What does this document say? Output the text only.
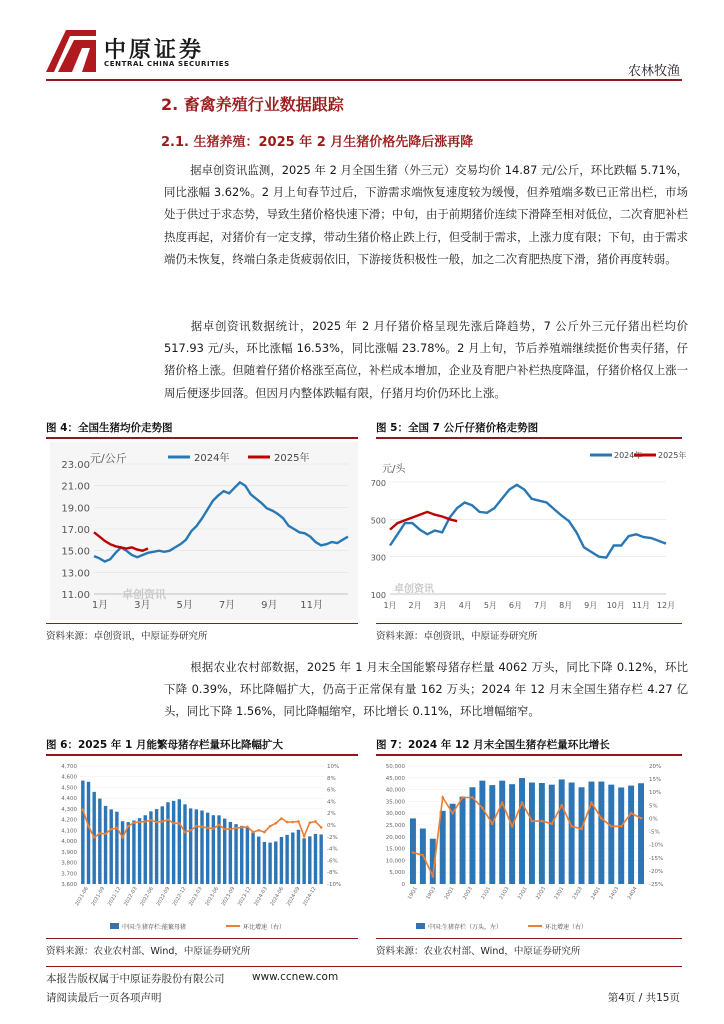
中原证券
CENTRAL CHINA SECURITIES	农林牧渔
2. 畜禽养殖行业数据跟踪
2.1. 生猪养殖：2025 年 2 月生猪价格先降后涨再降
据卓创资讯监测，2025 年 2 月全国生猪（外三元）交易均价 14.87 元/公斤，环比跌幅 5.71%，同比涨幅 3.62%。2 月上旬春节过后，下游需求端恢复速度较为缓慢，但养殖端多数已正常出栏，市场处于供过于求态势，导致生猪价格快速下滑；中旬，由于前期猪价连续下滑降至相对低位，二次育肥补栏热度再起，对猪价有一定支撑，带动生猪价格止跌上行，但受制于需求，上涨力度有限；下旬，由于需求端仍未恢复，终端白条走货疲弱依旧，下游接货积极性一般，加之二次育肥热度下滑，猪价再度转弱。
据卓创资讯数据统计，2025 年 2 月仔猪价格呈现先涨后降趋势，7 公斤外三元仔猪出栏均价 517.93 元/头，环比涨幅 16.53%，同比涨幅 23.78%。2 月上旬，节后养殖端继续挺价售卖仔猪，仔猪价格上涨。但随着仔猪价格涨至高位，补栏成本增加，企业及育肥户补栏热度降温，仔猪价格仅上涨一周后便逐步回落。但因月内整体跌幅有限，仔猪月均价仍环比上涨。
图 4：全国生猪均价走势图	图 5：全国 7 公斤仔猪价格走势图
元/公斤	2024年	2025年
23.00
21.00
19.00
17.00
15.00
13.00
11.00
1月	3月	5月	7月	9月 11月
卓创资讯
资料来源：卓创资讯，中原证券研究所
元/头
2024年 2025年
700
500
300
100
1月 2月 3月 4月 5月 6月 7月 8月 9月 10月 11月 12月
卓创资讯
资料来源：卓创资讯，中原证券研究所
根据农业农村部数据，2025 年 1 月末全国能繁母猪存栏量 4062 万头，同比下降 0.12%，环比下降 0.39%，环比降幅扩大，仍高于正常保有量 162 万头；2024 年 12 月末全国生猪存栏 4.27 亿头，同比下降 1.56%，同比降幅缩窄，环比增长 0.11%，环比增幅缩窄。
图 6：2025 年 1 月能繁母猪存栏量环比降幅扩大	图 7：2024 年 12 月末全国生猪存栏量环比增长
4,700
4,600
4,500
4,400
4,300
4,200
4,100
4,000
3,900
3,800
3,700
3,600
10%
8%
6%
4%
2%
0%
-2%
-4%
-6%
-8%
-10%
2021-06 2021-09 2021-12 2022-03 2022-06 2022-09 2022-12 2023-03 2023-06 2023-09 2023-12 2024-03 2024-06 2024-09 2024-12
中国:生猪存栏:能繁母猪	环比增速（右）
资料来源：农业农村部、Wind，中原证券研究所
50,000
45,000
40,000
35,000
30,000
25,000
20,000
15,000
10,000
5,000
0
20%
15%
10%
5%
0%
-5%
-10%
-15%
-20%
-25%
19Q1 19Q3 20Q1 20Q3 21Q1 21Q3 22Q1 22Q3 23Q1 23Q3 24Q1 24Q3 24Q4
中国:生猪存栏（万头，左）	环比增速（右）
资料来源：农业农村部、Wind，中原证券研究所
本报告版权属于中原证券股份有限公司	www.ccnew.com
请阅读最后一页各项声明	第4页 / 共15页
